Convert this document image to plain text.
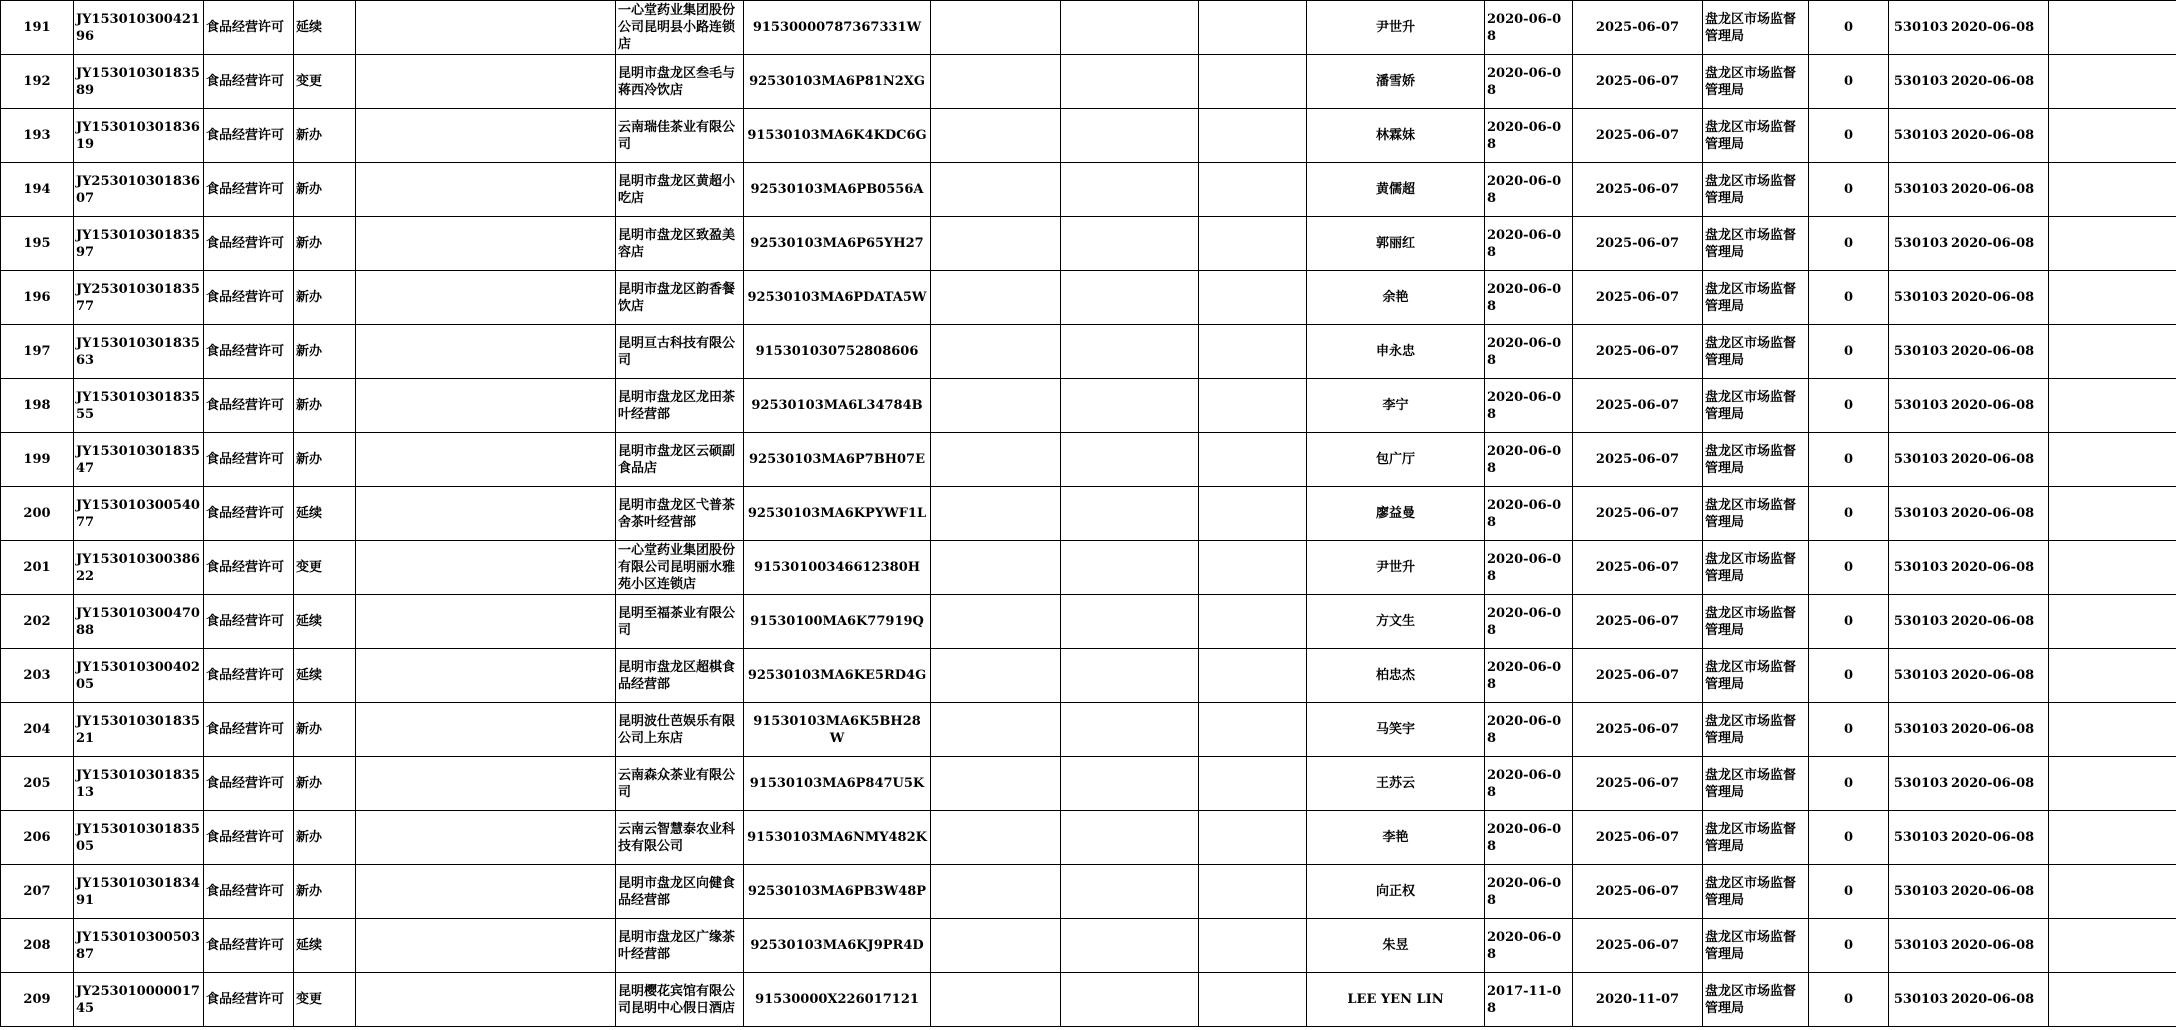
191	JY15301030042196	食品经营许可	延续		一心堂药业集团股份公司昆明县小路连锁店	91530000787367331W				尹世升	2020-06-08	2025-06-07	盘龙区市场监督管理局	0	530103 2020-06-08	
192	JY15301030183589	食品经营许可	变更		昆明市盘龙区叁毛与蒋西冷饮店	92530103MA6P81N2XG				潘雪娇	2020-06-08	2025-06-07	盘龙区市场监督管理局	0	530103 2020-06-08	
193	JY15301030183619	食品经营许可	新办		云南瑞佳茶业有限公司	91530103MA6K4KDC6G				林霖妹	2020-06-08	2025-06-07	盘龙区市场监督管理局	0	530103 2020-06-08	
194	JY25301030183607	食品经营许可	新办		昆明市盘龙区黄超小吃店	92530103MA6PB0556A				黄儒超	2020-06-08	2025-06-07	盘龙区市场监督管理局	0	530103 2020-06-08	
195	JY15301030183597	食品经营许可	新办		昆明市盘龙区致盈美容店	92530103MA6P65YH27				郭丽红	2020-06-08	2025-06-07	盘龙区市场监督管理局	0	530103 2020-06-08	
196	JY25301030183577	食品经营许可	新办		昆明市盘龙区韵香餐饮店	92530103MA6PDATA5W				余艳	2020-06-08	2025-06-07	盘龙区市场监督管理局	0	530103 2020-06-08	
197	JY15301030183563	食品经营许可	新办		昆明亘古科技有限公司	91530103075280860​6				申永忠	2020-06-08	2025-06-07	盘龙区市场监督管理局	0	530103 2020-06-08	
198	JY15301030183555	食品经营许可	新办		昆明市盘龙区龙田茶叶经营部	92530103MA6L34784B				李宁	2020-06-08	2025-06-07	盘龙区市场监督管理局	0	530103 2020-06-08	
199	JY15301030183547	食品经营许可	新办		昆明市盘龙区云硕副食品店	92530103MA6P7BH07E				包广厅	2020-06-08	2025-06-07	盘龙区市场监督管理局	0	530103 2020-06-08	
200	JY15301030054077	食品经营许可	延续		昆明市盘龙区弋普茶舍茶叶经营部	92530103MA6KPYWF1L				廖益曼	2020-06-08	2025-06-07	盘龙区市场监督管理局	0	530103 2020-06-08	
201	JY15301030038622	食品经营许可	变更		一心堂药业集团股份有限公司昆明丽水雅苑小区连锁店	91530100346612380H				尹世升	2020-06-08	2025-06-07	盘龙区市场监督管理局	0	530103 2020-06-08	
202	JY15301030047088	食品经营许可	延续		昆明至福茶业有限公司	91530100MA6K77919Q				方文生	2020-06-08	2025-06-07	盘龙区市场监督管理局	0	530103 2020-06-08	
203	JY15301030040205	食品经营许可	延续		昆明市盘龙区超棋食品经营部	92530103MA6KE5RD4G				柏忠杰	2020-06-08	2025-06-07	盘龙区市场监督管理局	0	530103 2020-06-08	
204	JY15301030183521	食品经营许可	新办		昆明波仕芭娱乐有限公司上东店	91530103MA6K5BH28W				马笑宇	2020-06-08	2025-06-07	盘龙区市场监督管理局	0	530103 2020-06-08	
205	JY15301030183513	食品经营许可	新办		云南森众茶业有限公司	91530103MA6P847U5K				王苏云	2020-06-08	2025-06-07	盘龙区市场监督管理局	0	530103 2020-06-08	
206	JY15301030183505	食品经营许可	新办		云南云智慧泰农业科技有限公司	91530103MA6NMY482K				李艳	2020-06-08	2025-06-07	盘龙区市场监督管理局	0	530103 2020-06-08	
207	JY15301030183491	食品经营许可	新办		昆明市盘龙区向健食品经营部	92530103MA6PB3W48P				向正权	2020-06-08	2025-06-07	盘龙区市场监督管理局	0	530103 2020-06-08	
208	JY15301030050387	食品经营许可	延续		昆明市盘龙区广缘茶叶经营部	92530103MA6KJ9PR4D				朱昱	2020-06-08	2025-06-07	盘龙区市场监督管理局	0	530103 2020-06-08	
209	JY25301000001745	食品经营许可	变更		昆明樱花宾馆有限公司昆明中心假日酒店	91530000X226017121				LEE YEN LIN	2017-11-08	2020-11-07	盘龙区市场监督管理局	0	530103 2020-06-08	
